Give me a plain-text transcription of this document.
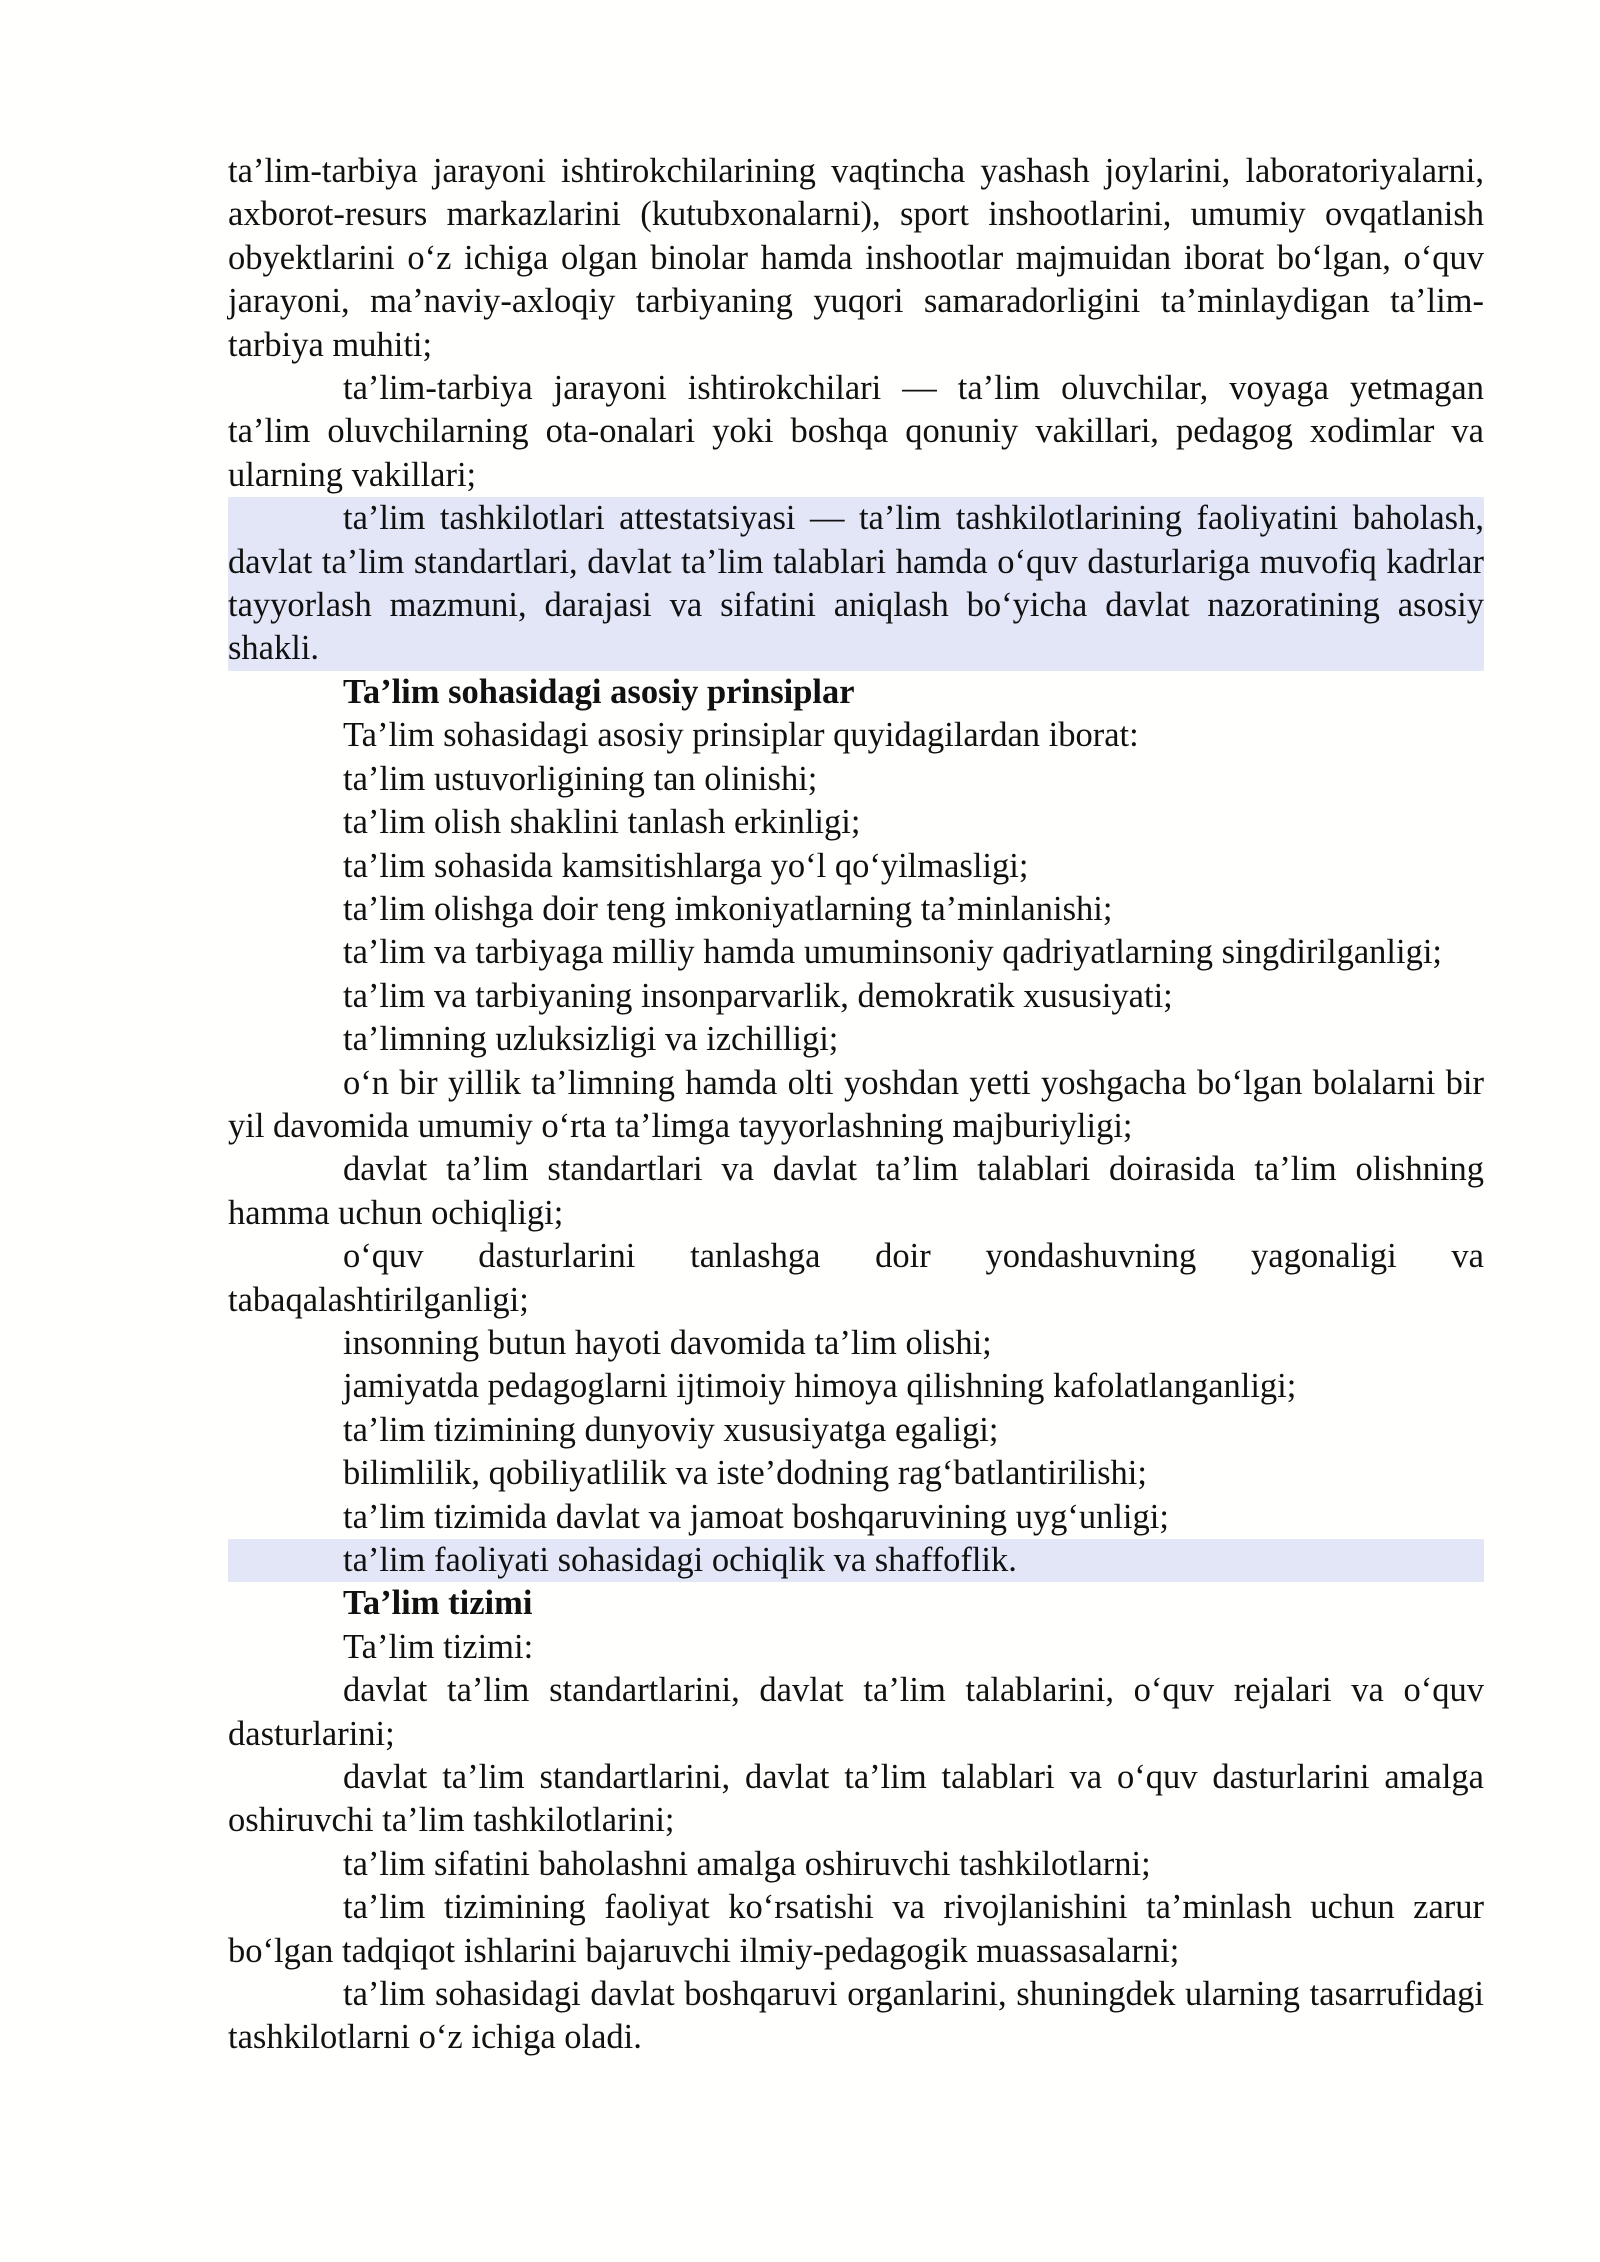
ta’lim-tarbiya jarayoni ishtirokchilarining vaqtincha yashash joylarini, laboratoriyalarni, axborot-resurs markazlarini (kutubxonalarni), sport inshootlarini, umumiy ovqatlanish obyektlarini o‘z ichiga olgan binolar hamda inshootlar majmuidan iborat bo‘lgan, o‘quv jarayoni, ma’naviy-axloqiy tarbiyaning yuqori samaradorligini ta’minlaydigan ta’lim-tarbiya muhiti;

ta’lim-tarbiya jarayoni ishtirokchilari — ta’lim oluvchilar, voyaga yetmagan ta’lim oluvchilarning ota-onalari yoki boshqa qonuniy vakillari, pedagog xodimlar va ularning vakillari;

ta’lim tashkilotlari attestatsiyasi — ta’lim tashkilotlarining faoliyatini baholash, davlat ta’lim standartlari, davlat ta’lim talablari hamda o‘quv dasturlariga muvofiq kadrlar tayyorlash mazmuni, darajasi va sifatini aniqlash bo‘yicha davlat nazoratining asosiy shakli.

Ta’lim sohasidagi asosiy prinsiplar

Ta’lim sohasidagi asosiy prinsiplar quyidagilardan iborat:

ta’lim ustuvorligining tan olinishi;

ta’lim olish shaklini tanlash erkinligi;

ta’lim sohasida kamsitishlarga yo‘l qo‘yilmasligi;

ta’lim olishga doir teng imkoniyatlarning ta’minlanishi;

ta’lim va tarbiyaga milliy hamda umuminsoniy qadriyatlarning singdirilganligi;

ta’lim va tarbiyaning insonparvarlik, demokratik xususiyati;

ta’limning uzluksizligi va izchilligi;

o‘n bir yillik ta’limning hamda olti yoshdan yetti yoshgacha bo‘lgan bolalarni bir yil davomida umumiy o‘rta ta’limga tayyorlashning majburiyligi;

davlat ta’lim standartlari va davlat ta’lim talablari doirasida ta’lim olishning hamma uchun ochiqligi;

o‘quv dasturlarini tanlashga doir yondashuvning yagonaligi va tabaqalashtirilganligi;

insonning butun hayoti davomida ta’lim olishi;

jamiyatda pedagoglarni ijtimoiy himoya qilishning kafolatlanganligi;

ta’lim tizimining dunyoviy xususiyatga egaligi;

bilimlilik, qobiliyatlilik va iste’dodning rag‘batlantirilishi;

ta’lim tizimida davlat va jamoat boshqaruvining uyg‘unligi;

ta’lim faoliyati sohasidagi ochiqlik va shaffoflik.

Ta’lim tizimi

Ta’lim tizimi:

davlat ta’lim standartlarini, davlat ta’lim talablarini, o‘quv rejalari va o‘quv dasturlarini;

davlat ta’lim standartlarini, davlat ta’lim talablari va o‘quv dasturlarini amalga oshiruvchi ta’lim tashkilotlarini;

ta’lim sifatini baholashni amalga oshiruvchi tashkilotlarni;

ta’lim tizimining faoliyat ko‘rsatishi va rivojlanishini ta’minlash uchun zarur bo‘lgan tadqiqot ishlarini bajaruvchi ilmiy-pedagogik muassasalarni;

ta’lim sohasidagi davlat boshqaruvi organlarini, shuningdek ularning tasarrufidagi tashkilotlarni o‘z ichiga oladi.
